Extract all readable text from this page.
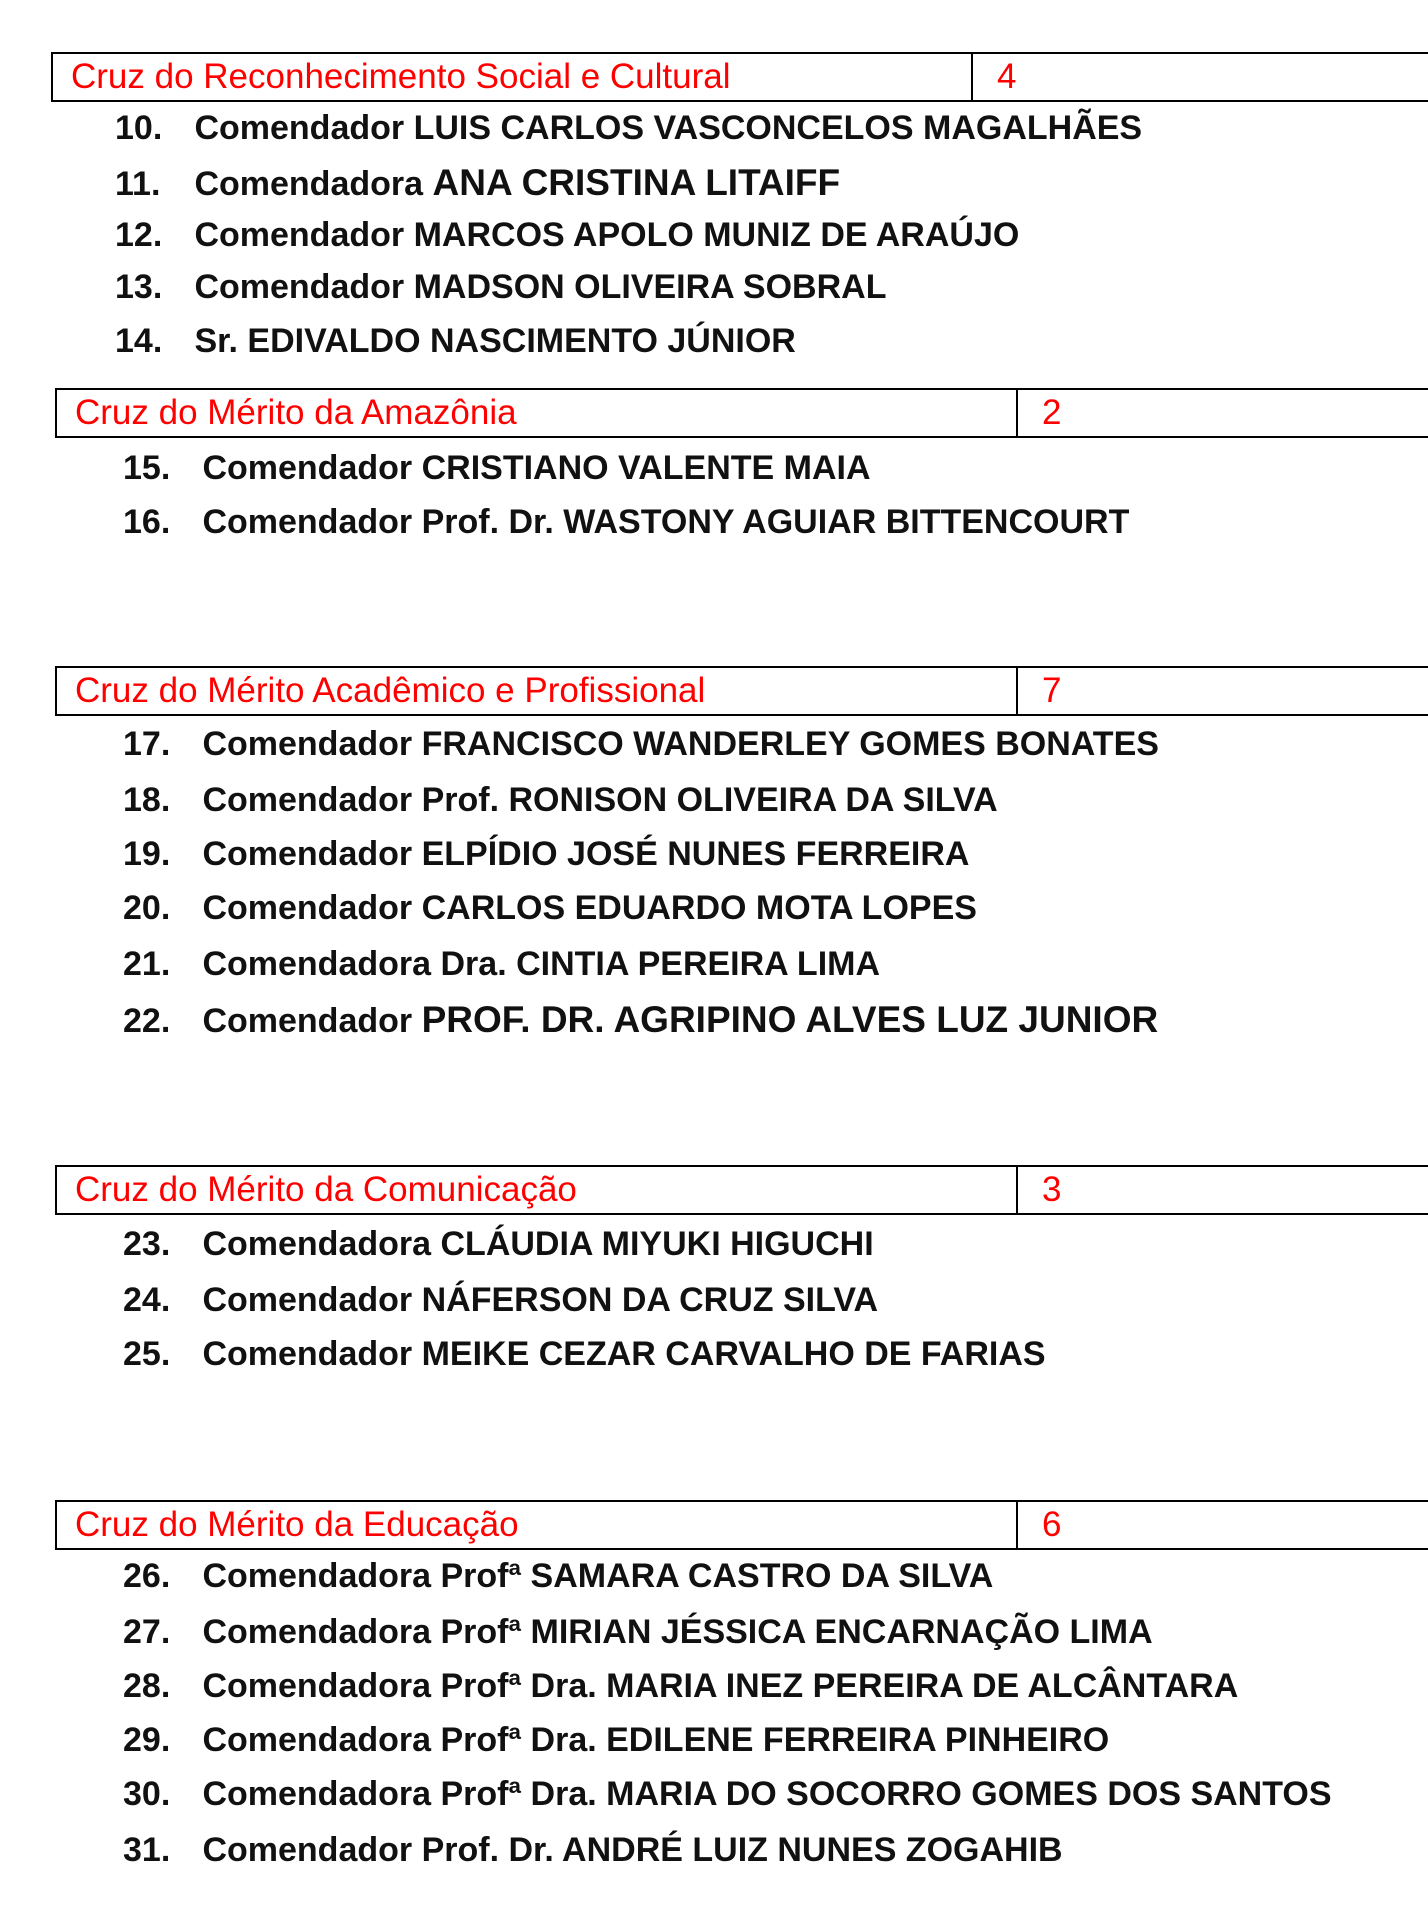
Cruz do Reconhecimento Social e Cultural	4
10. Comendador LUIS CARLOS VASCONCELOS MAGALHÃES
11. Comendadora ANA CRISTINA LITAIFF
12. Comendador MARCOS APOLO MUNIZ DE ARAÚJO
13. Comendador MADSON OLIVEIRA SOBRAL
14. Sr. EDIVALDO NASCIMENTO JÚNIOR
Cruz do Mérito da Amazônia	2
15. Comendador CRISTIANO VALENTE MAIA
16. Comendador Prof. Dr. WASTONY AGUIAR BITTENCOURT
Cruz do Mérito Acadêmico e Profissional	7
17. Comendador FRANCISCO WANDERLEY GOMES BONATES
18. Comendador Prof. RONISON OLIVEIRA DA SILVA
19. Comendador ELPÍDIO JOSÉ NUNES FERREIRA
20. Comendador CARLOS EDUARDO MOTA LOPES
21. Comendadora Dra. CINTIA PEREIRA LIMA
22. Comendador PROF. DR. AGRIPINO ALVES LUZ JUNIOR
Cruz do Mérito da Comunicação	3
23. Comendadora CLÁUDIA MIYUKI HIGUCHI
24. Comendador NÁFERSON DA CRUZ SILVA
25. Comendador MEIKE CEZAR CARVALHO DE FARIAS
Cruz do Mérito da Educação	6
26. Comendadora Profª SAMARA CASTRO DA SILVA
27. Comendadora Profª MIRIAN JÉSSICA ENCARNAÇÃO LIMA
28. Comendadora Profª Dra. MARIA INEZ PEREIRA DE ALCÂNTARA
29. Comendadora Profª Dra. EDILENE FERREIRA PINHEIRO
30. Comendadora Profª Dra. MARIA DO SOCORRO GOMES DOS SANTOS
31. Comendador Prof. Dr. ANDRÉ LUIZ NUNES ZOGAHIB
